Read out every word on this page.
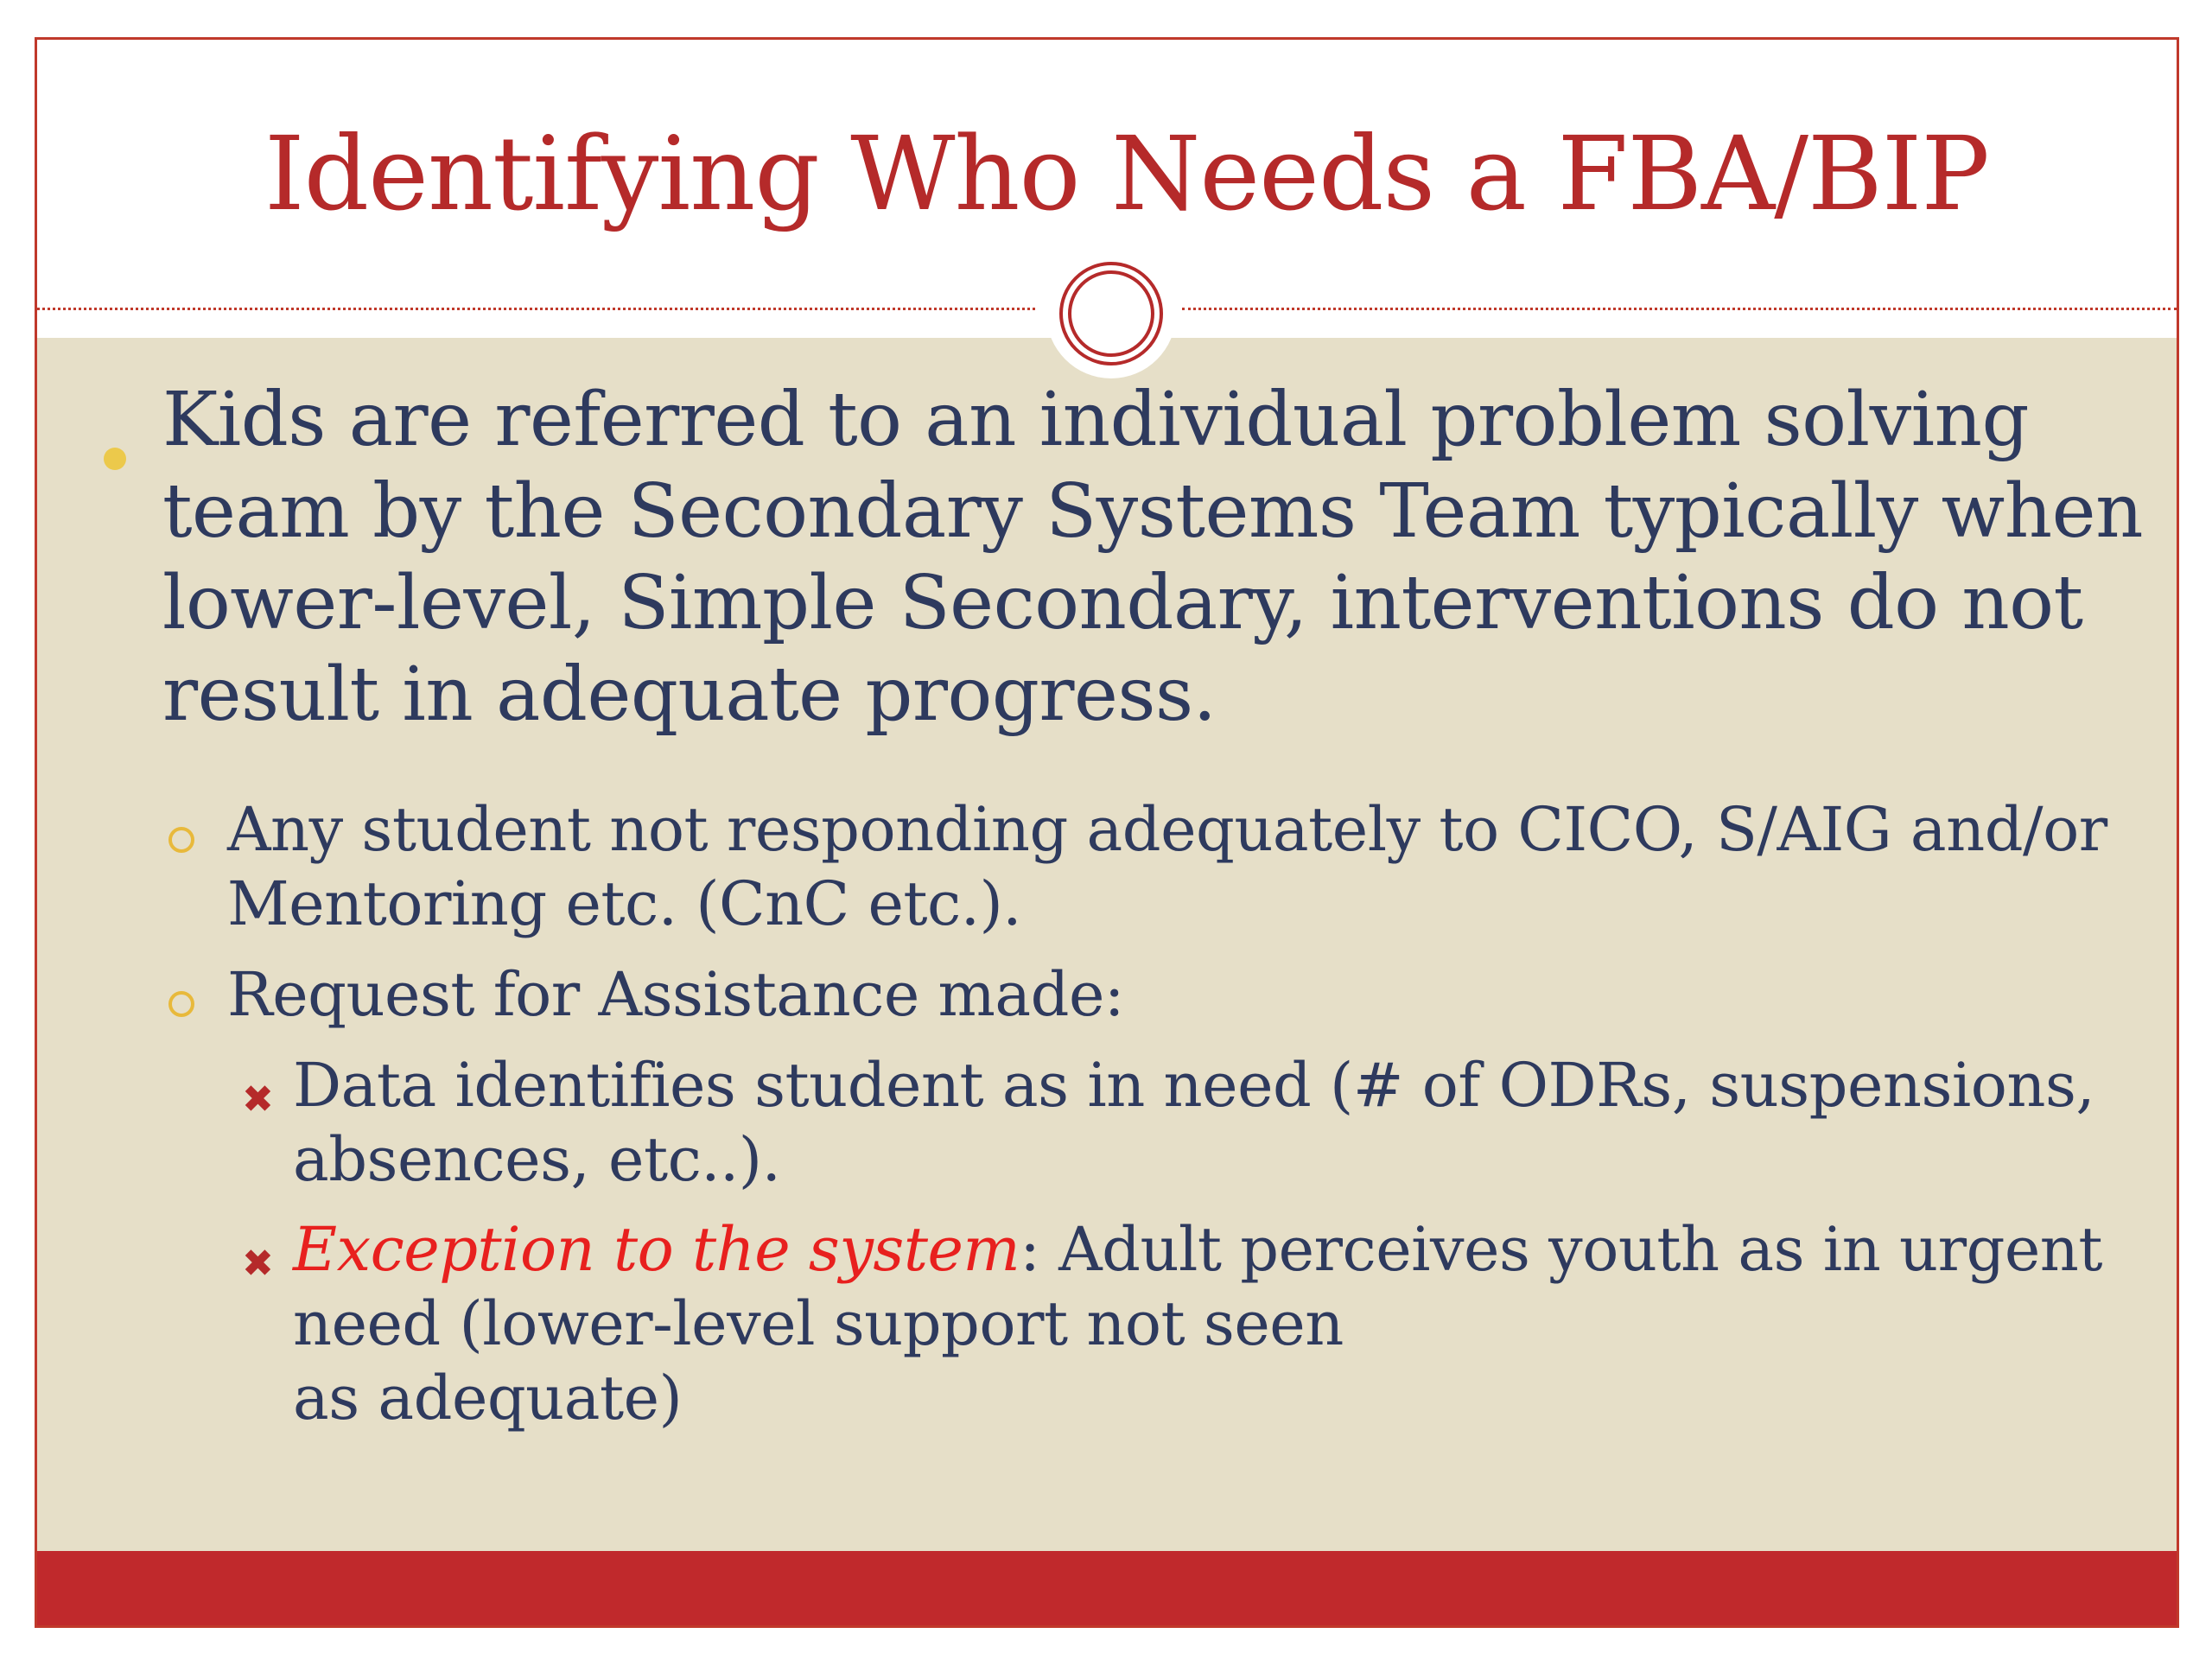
Identifying Who Needs a FBA/BIP

Kids are referred to an individual problem solving team by the Secondary Systems Team typically when lower-level, Simple Secondary, interventions do not result in adequate progress.

Any student not responding adequately to CICO, S/AIG and/or Mentoring etc. (CnC etc.).

Request for Assistance made:

✖ Data identifies student as in need (# of ODRs, suspensions, absences, etc..).

✖ Exception to the system: Adult perceives youth as in urgent need (lower-level support not seen
as adequate)
